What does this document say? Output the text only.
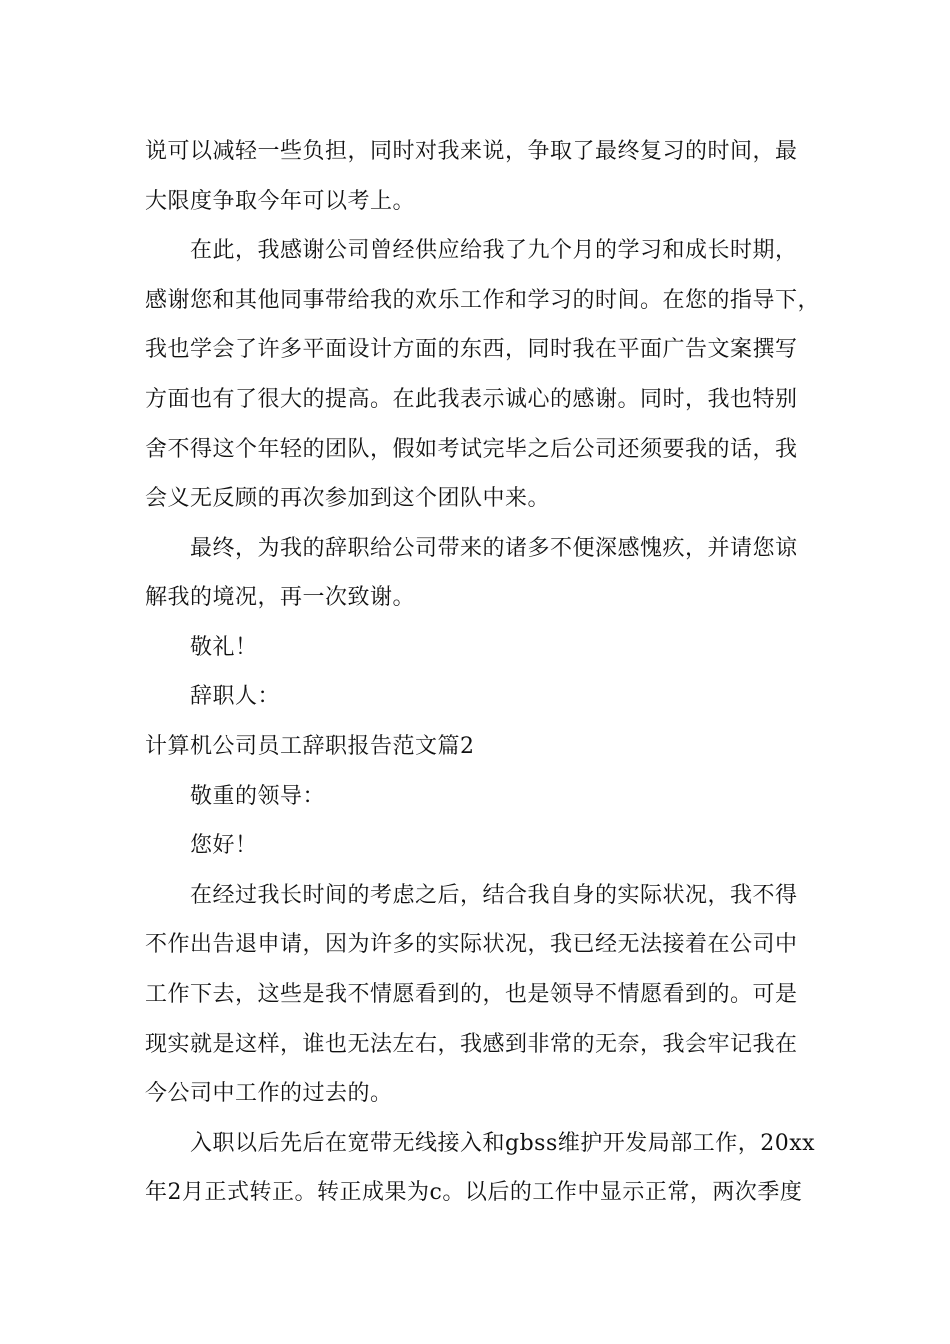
说可以减轻一些负担，同时对我来说，争取了最终复习的时间，最
大限度争取今年可以考上。
在此，我感谢公司曾经供应给我了九个月的学习和成长时期，
感谢您和其他同事带给我的欢乐工作和学习的时间。在您的指导下，
我也学会了许多平面设计方面的东西，同时我在平面广告文案撰写
方面也有了很大的提高。在此我表示诚心的感谢。同时，我也特别
舍不得这个年轻的团队，假如考试完毕之后公司还须要我的话，我
会义无反顾的再次参加到这个团队中来。
最终，为我的辞职给公司带来的诸多不便深感愧疚，并请您谅
解我的境况，再一次致谢。
敬礼！
辞职人：
计算机公司员工辞职报告范文篇2
敬重的领导：
您好！
在经过我长时间的考虑之后，结合我自身的实际状况，我不得
不作出告退申请，因为许多的实际状况，我已经无法接着在公司中
工作下去，这些是我不情愿看到的，也是领导不情愿看到的。可是
现实就是这样，谁也无法左右，我感到非常的无奈，我会牢记我在
今公司中工作的过去的。
入职以后先后在宽带无线接入和gbss维护开发局部工作，20xx
年2月正式转正。转正成果为c。以后的工作中显示正常，两次季度
